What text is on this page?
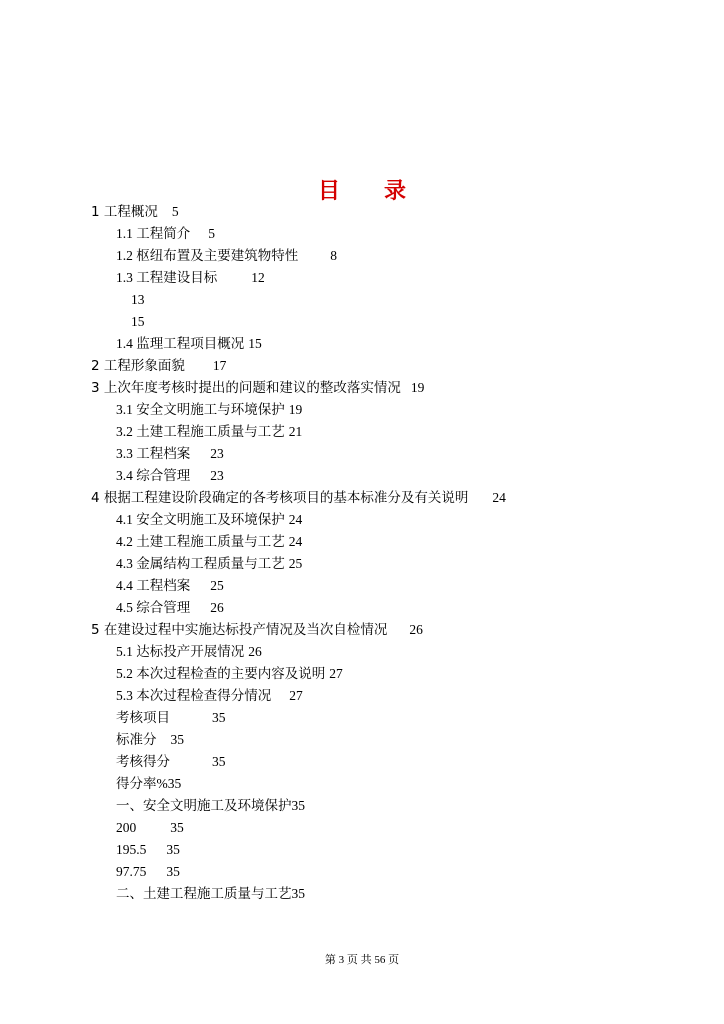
目 录
1 工程概况 5
1.1 工程简介 5
1.2 枢纽布置及主要建筑物特性 8
1.3 工程建设目标	12
13
15
1.4 监理工程项目概况 15
2 工程形象面貌 17
3 上次年度考核时提出的问题和建议的整改落实情况 19
3.1 安全文明施工与环境保护 19
3.2 土建工程施工质量与工艺 21
3.3 工程档案 23
3.4 综合管理 23
4 根据工程建设阶段确定的各考核项目的基本标准分及有关说明 24
4.1 安全文明施工及环境保护 24
4.2 土建工程施工质量与工艺 24
4.3 金属结构工程质量与工艺 25
4.4 工程档案 25
4.5 综合管理 26
5 在建设过程中实施达标投产情况及当次自检情况 26
5.1 达标投产开展情况 26
5.2 本次过程检查的主要内容及说明 27
5.3 本次过程检查得分情况 27
考核项目	35
标准分 35
考核得分	35
得分率%35
一、安全文明施工及环境保护35
200	35
195.5 35
97.75 35
二、土建工程施工质量与工艺35
第 3 页 共 56 页
